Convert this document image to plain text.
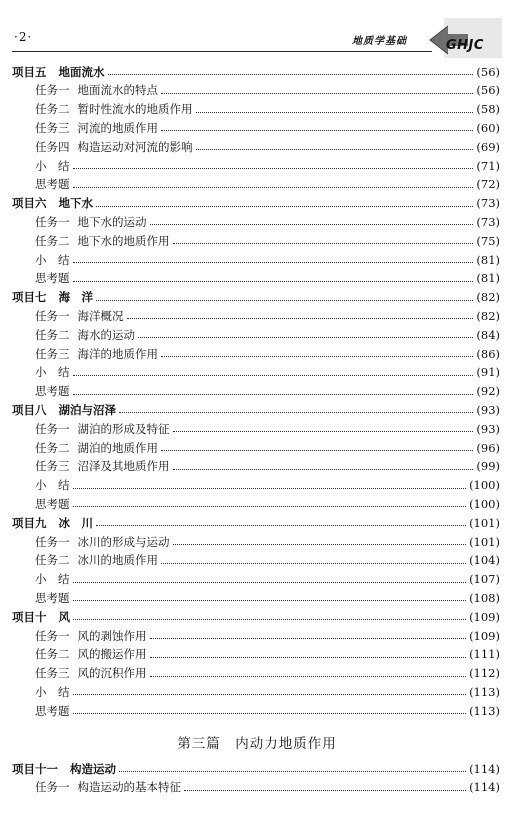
·2·	地质学基础	GHJC
项目五 地面流水	(56)
任务一 地面流水的特点	(56)
任务二 暂时性流水的地质作用	(58)
任务三 河流的地质作用	(60)
任务四 构造运动对河流的影响	(69)
小　结	(71)
思考题	(72)
项目六 地下水	(73)
任务一 地下水的运动	(73)
任务二 地下水的地质作用	(75)
小　结	(81)
思考题	(81)
项目七 海　洋	(82)
任务一 海洋概况	(82)
任务二 海水的运动	(84)
任务三 海洋的地质作用	(86)
小　结	(91)
思考题	(92)
项目八 湖泊与沼泽	(93)
任务一 湖泊的形成及特征	(93)
任务二 湖泊的地质作用	(96)
任务三 沼泽及其地质作用	(99)
小　结	(100)
思考题	(100)
项目九 冰　川	(101)
任务一 冰川的形成与运动	(101)
任务二 冰川的地质作用	(104)
小　结	(107)
思考题	(108)
项目十 风	(109)
任务一 风的剥蚀作用	(109)
任务二 风的搬运作用	(111)
任务三 风的沉积作用	(112)
小　结	(113)
思考题	(113)
第三篇　内动力地质作用
项目十一 构造运动	(114)
任务一 构造运动的基本特征	(114)
